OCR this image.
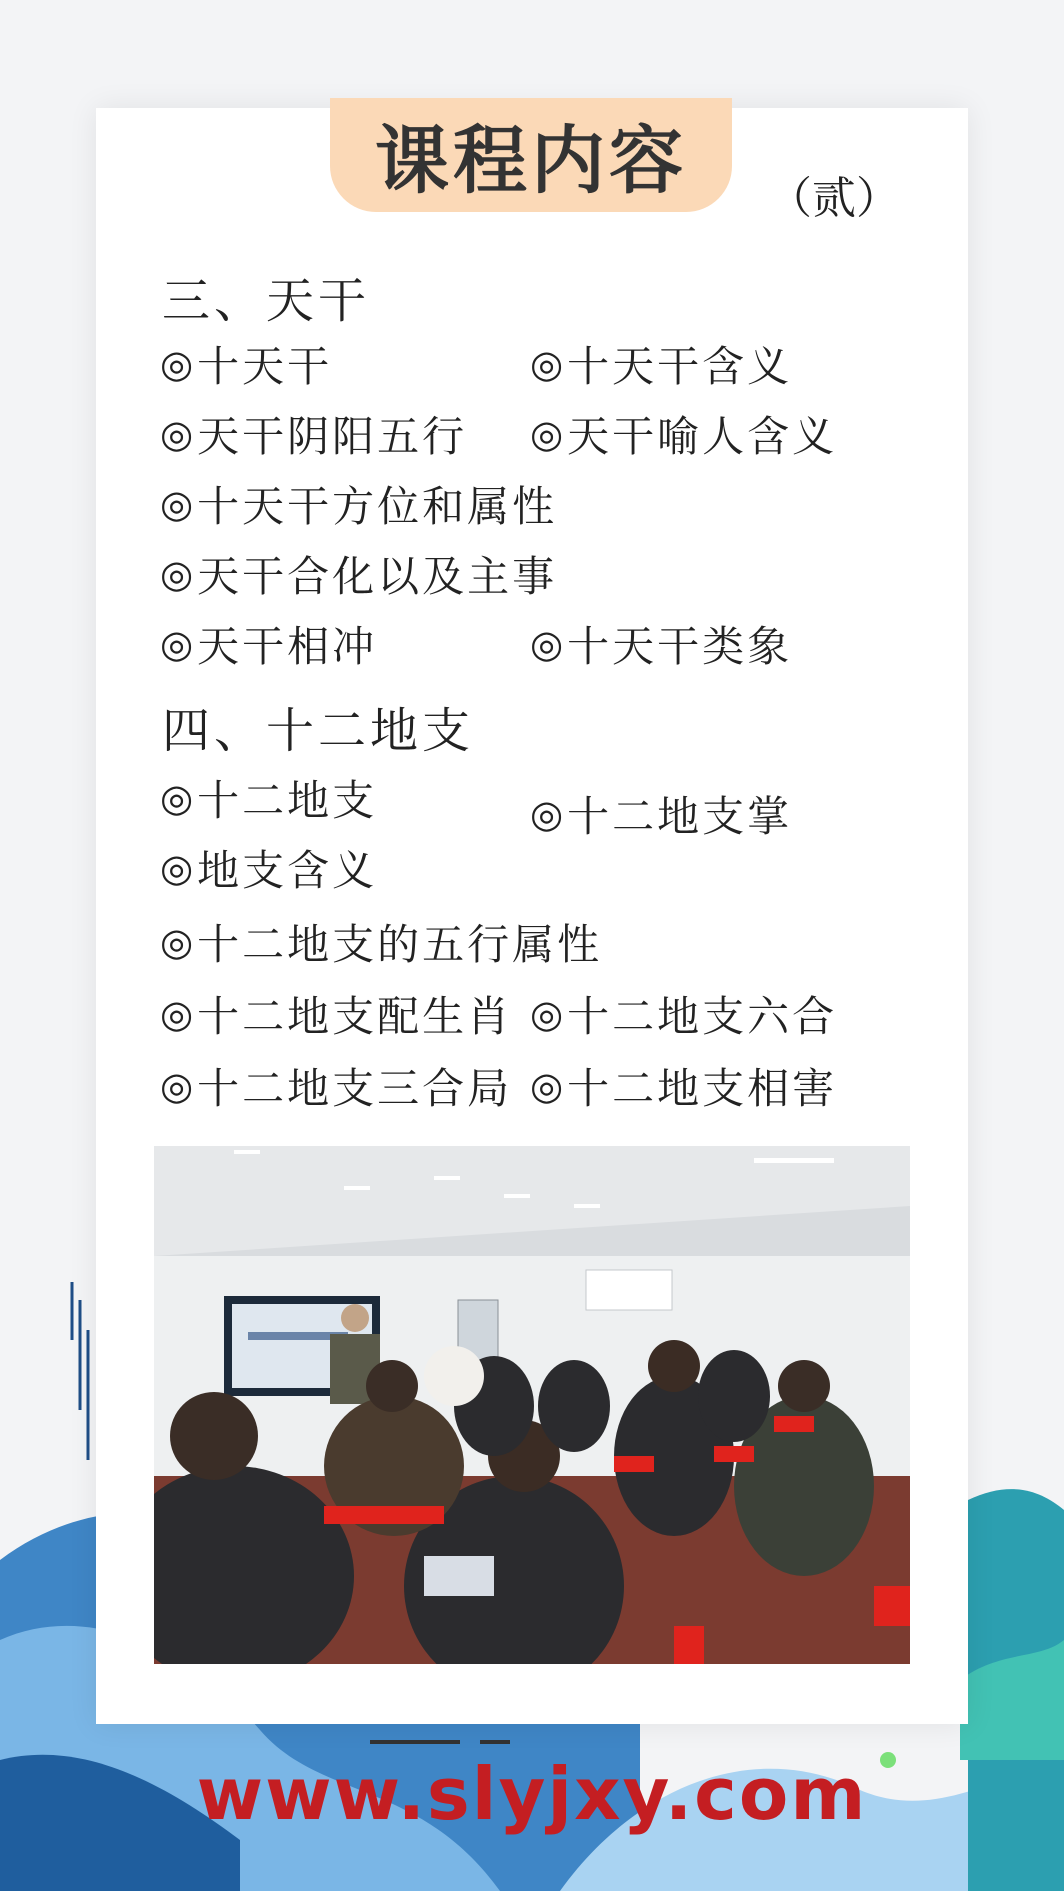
课程内容 （贰）
三、天干
◎ 十天干	◎ 十天干含义
◎ 天干阴阳五行 ◎ 天干喻人含义
◎ 十天干方位和属性
◎ 天干合化以及主事
◎ 天干相冲	◎ 十天干类象
四、十二地支
◎ 十二地支	◎ 十二地支掌
◎ 地支含义
◎ 十二地支的五行属性
◎ 十二地支配生肖 ◎ 十二地支六合
◎ 十二地支三合局 ◎ 十二地支相害
www.slyjxy.com
